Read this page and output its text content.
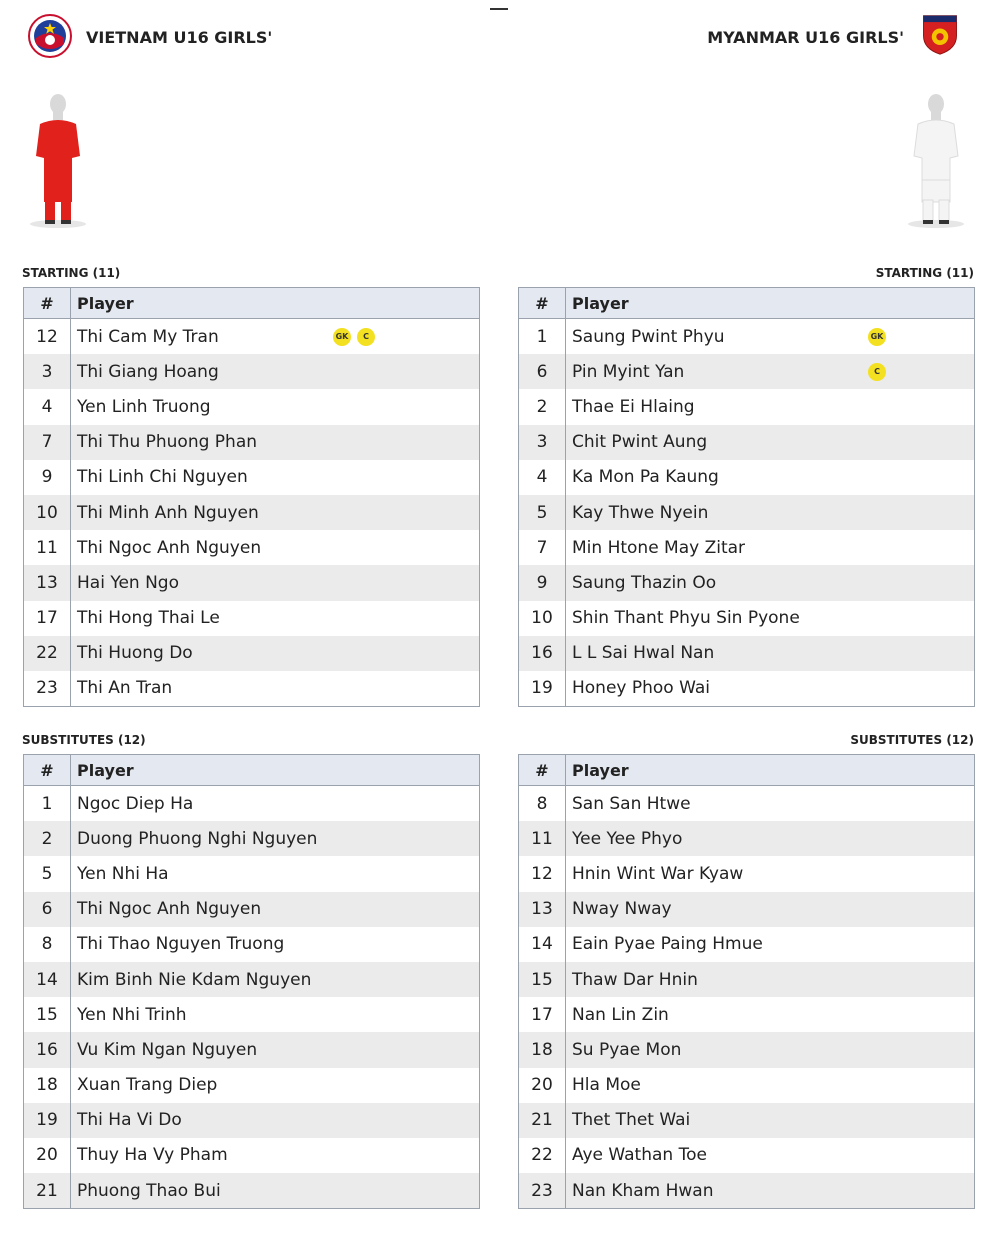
VIETNAM U16 GIRLS'	MYANMAR U16 GIRLS'
STARTING (11)	STARTING (11)
SUBSTITUTES (12)	SUBSTITUTES (12)
#	Player
12	Thi Cam My Tran GK C

3	Thi Giang Hoang
4	Yen Linh Truong
7	Thi Thu Phuong Phan
9	Thi Linh Chi Nguyen
10	Thi Minh Anh Nguyen
11	Thi Ngoc Anh Nguyen
13	Hai Yen Ngo
17	Thi Hong Thai Le
22	Thi Huong Do
23	Thi An Tran
#	Player
1	Saung Pwint Phyu GK

6	Pin Myint Yan C

2	Thae Ei Hlaing
3	Chit Pwint Aung
4	Ka Mon Pa Kaung
5	Kay Thwe Nyein
7	Min Htone May Zitar
9	Saung Thazin Oo
10	Shin Thant Phyu Sin Pyone
16	L L Sai Hwal Nan
19	Honey Phoo Wai
#	Player
1	Ngoc Diep Ha
2	Duong Phuong Nghi Nguyen
5	Yen Nhi Ha
6	Thi Ngoc Anh Nguyen
8	Thi Thao Nguyen Truong
14	Kim Binh Nie Kdam Nguyen
15	Yen Nhi Trinh
16	Vu Kim Ngan Nguyen
18	Xuan Trang Diep
19	Thi Ha Vi Do
20	Thuy Ha Vy Pham
21	Phuong Thao Bui
#	Player
8	San San Htwe
11	Yee Yee Phyo
12	Hnin Wint War Kyaw
13	Nway Nway
14	Eain Pyae Paing Hmue
15	Thaw Dar Hnin
17	Nan Lin Zin
18	Su Pyae Mon
20	Hla Moe
21	Thet Thet Wai
22	Aye Wathan Toe
23	Nan Kham Hwan
